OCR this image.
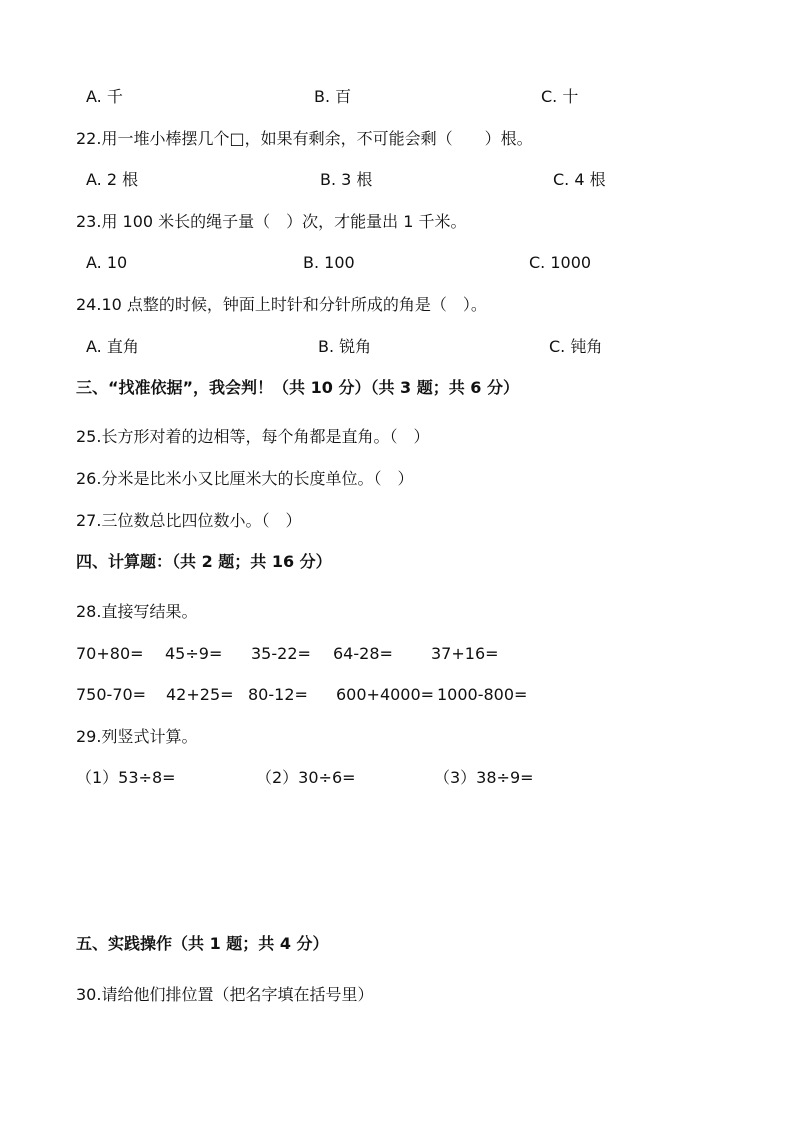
A. 千	B. 百	C. 十
22.用一堆小棒摆几个□，如果有剩余，不可能会剩（　　）根。
A. 2 根	B. 3 根	C. 4 根
23.用 100 米长的绳子量（　）次，才能量出 1 千米。
A. 10	B. 100	C. 1000
24.10 点整的时候，钟面上时针和分针所成的角是（　）。
A. 直角	B. 锐角	C. 钝角
三、“找准依据”，我会判！（共 10 分）（共 3 题；共 6 分）
25.长方形对着的边相等，每个角都是直角。（　）
26.分米是比米小又比厘米大的长度单位。（　）
27.三位数总比四位数小。（　）
四、计算题：（共 2 题；共 16 分）
28.直接写结果。
70+80= 45÷9= 35-22= 64-28= 37+16=
750-70= 42+25= 80-12= 600+4000= 1000-800=
29.列竖式计算。
（1）53÷8=	（2）30÷6=	（3）38÷9=
五、实践操作（共 1 题；共 4 分）
30.请给他们排位置（把名字填在括号里）
